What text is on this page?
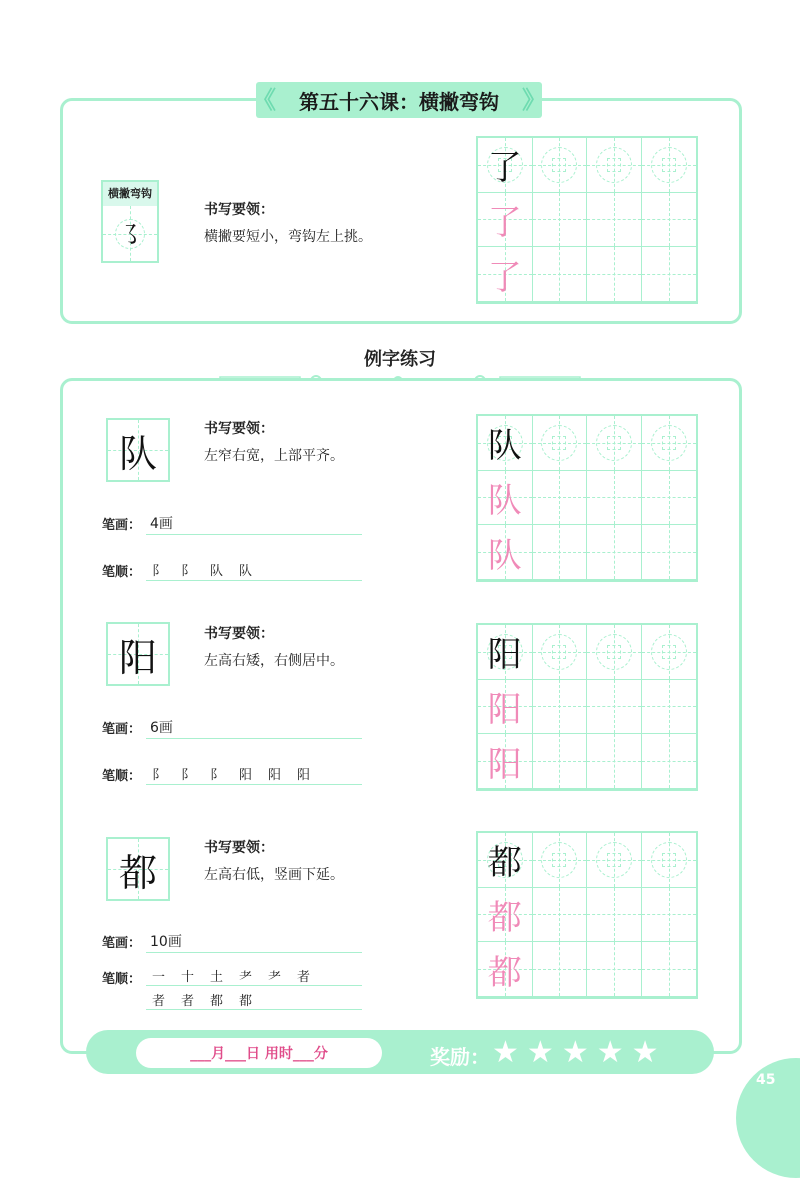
《 第五十六课：横撇弯钩 》
横撇弯钩
㇌
书写要领：
横撇要短小，弯钩左上挑。
了
了
了
例字练习
队
书写要领：
左窄右宽，上部平齐。
笔画： 4画
笔顺： ⻖	阝	队	队
队
队
队
阳
书写要领：
左高右矮，右侧居中。
笔画： 6画
笔顺： ⻖	阝	阝	阳	阳	阳
阳
阳
阳
都
书写要领：
左高右低，竖画下延。
笔画： 10画
笔顺： 一	十	土	耂	耂	者
者	者	都	都
都
都
都
___月___日 用时___分	奖励： ★ ★ ★ ★ ★
45
